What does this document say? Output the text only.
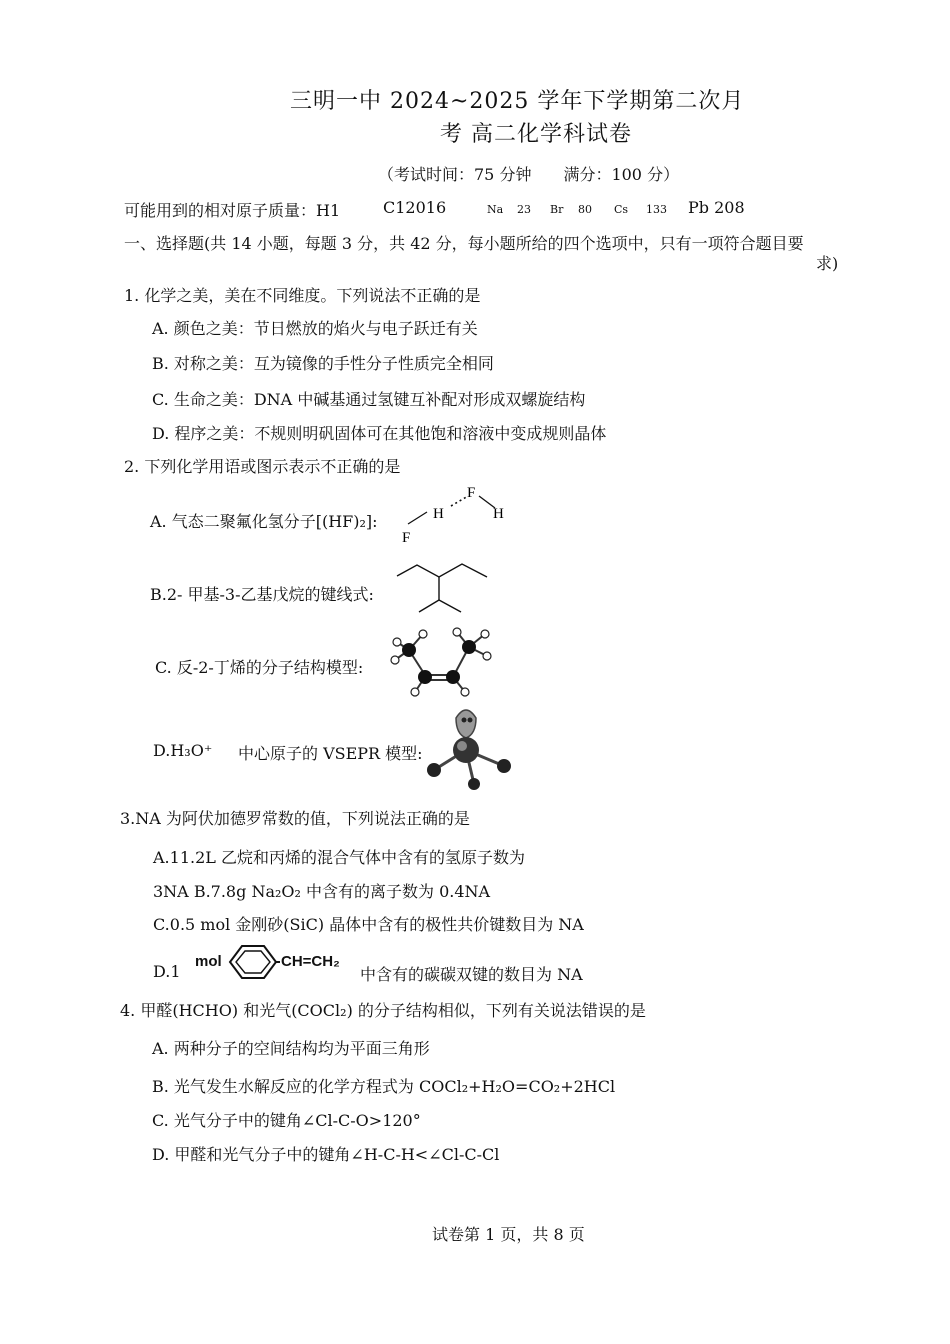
三明一中 2024~2025 学年下学期第二次月
考 高二化学科试卷
（考试时间：75 分钟　　满分：100 分）
可能用到的相对原子质量：H1	C12016	Na 23 Br 80 Cs 133 Pb 208
一、选择题(共 14 小题，每题 3 分，共 42 分，每小题所给的四个选项中，只有一项符合题目要
求)
1. 化学之美，美在不同维度。下列说法不正确的是
A. 颜色之美：节日燃放的焰火与电子跃迁有关
B. 对称之美：互为镜像的手性分子性质完全相同
C. 生命之美：DNA 中碱基通过氢键互补配对形成双螺旋结构
D. 程序之美：不规则明矾固体可在其他饱和溶液中变成规则晶体
2. 下列化学用语或图示表示不正确的是
A. 气态二聚氟化氢分子[(HF)₂]:	H
F
F
H
B.2- 甲基-3-乙基戊烷的键线式:
C. 反-2-丁烯的分子结构模型:
D.H₃O⁺ 中心原子的 VSEPR 模型:
3.NA 为阿伏加德罗常数的值，下列说法正确的是
A.11.2L 乙烷和丙烯的混合气体中含有的氢原子数为
3NA B.7.8g Na₂O₂ 中含有的离子数为 0.4NA
C.0.5 mol 金刚砂(SiC) 晶体中含有的极性共价键数目为 NA
D.1
mol	CH=CH₂
中含有的碳碳双键的数目为 NA
4. 甲醛(HCHO) 和光气(COCl₂) 的分子结构相似，下列有关说法错误的是
A. 两种分子的空间结构均为平面三角形
B. 光气发生水解反应的化学方程式为 COCl₂+H₂O=CO₂+2HCl
C. 光气分子中的键角∠Cl-C-O>120°
D. 甲醛和光气分子中的键角∠H-C-H<∠Cl-C-Cl
试卷第 1 页，共 8 页
